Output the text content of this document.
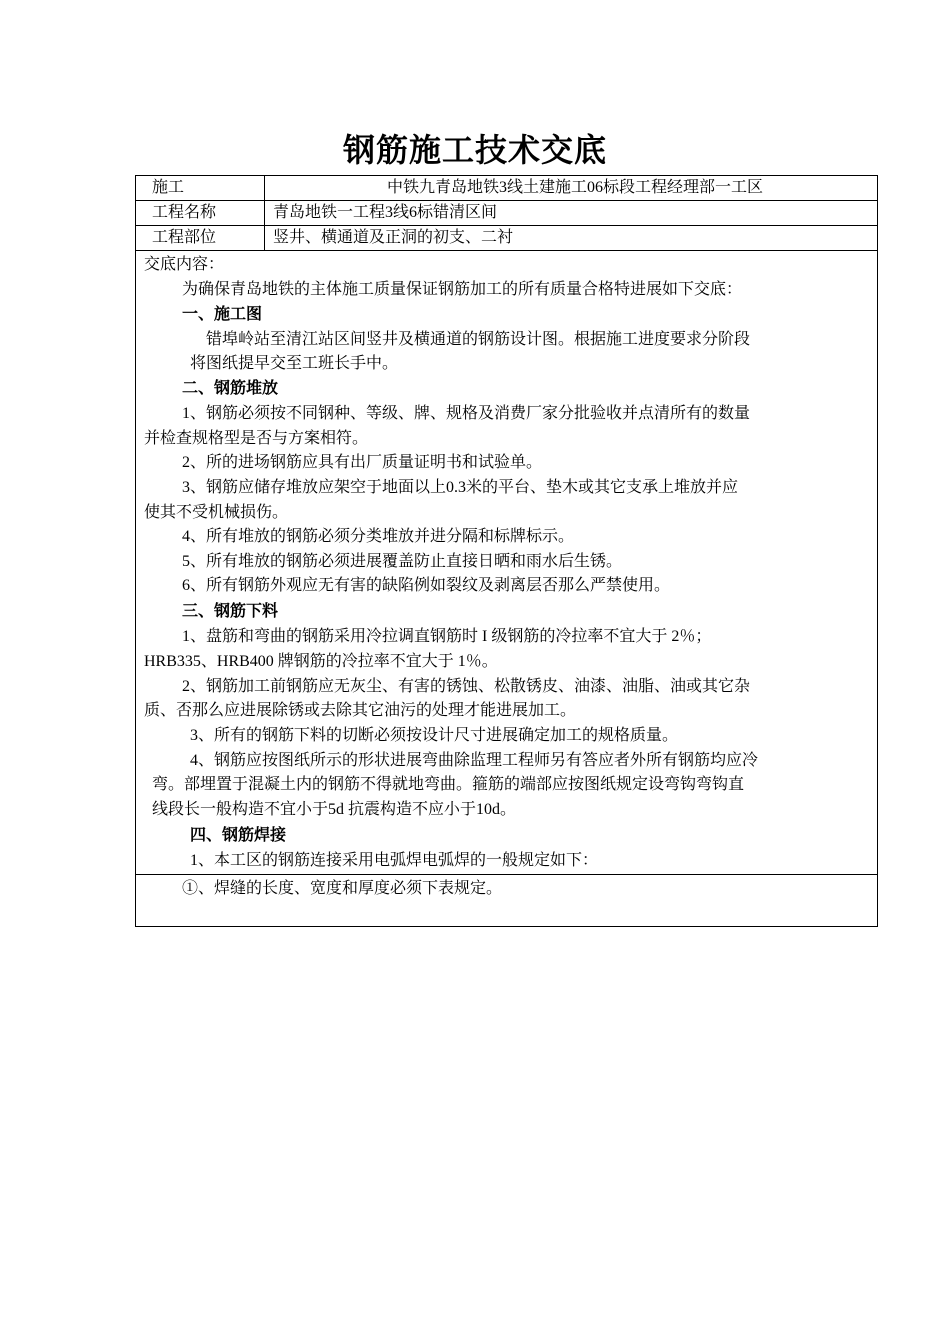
钢筋施工技术交底
施工	中铁九青岛地铁3线土建施工06标段工程经理部一工区
工程名称	青岛地铁一工程3线6标错清区间
工程部位	竖井、横通道及正洞的初支、二衬
交底内容：
为确保青岛地铁的主体施工质量保证钢筋加工的所有质量合格特进展如下交底：
一、施工图
错埠岭站至清江站区间竖井及横通道的钢筋设计图。根据施工进度要求分阶段
将图纸提早交至工班长手中。
二、钢筋堆放
1、钢筋必须按不同钢种、等级、牌、规格及消费厂家分批验收并点清所有的数量
并检查规格型是否与方案相符。
2、所的进场钢筋应具有出厂质量证明书和试验单。
3、钢筋应储存堆放应架空于地面以上0.3米的平台、垫木或其它支承上堆放并应
使其不受机械损伤。
4、所有堆放的钢筋必须分类堆放并进分隔和标牌标示。
5、所有堆放的钢筋必须进展覆盖防止直接日晒和雨水后生锈。
6、所有钢筋外观应无有害的缺陷例如裂纹及剥离层否那么严禁使用。
三、钢筋下料
1、盘筋和弯曲的钢筋采用冷拉调直钢筋时 I 级钢筋的冷拉率不宜大于 2％；
HRB335、HRB400 牌钢筋的冷拉率不宜大于 1％。
2、钢筋加工前钢筋应无灰尘、有害的锈蚀、松散锈皮、油漆、油脂、油或其它杂
质、否那么应进展除锈或去除其它油污的处理才能进展加工。
3、所有的钢筋下料的切断必须按设计尺寸进展确定加工的规格质量。
4、钢筋应按图纸所示的形状进展弯曲除监理工程师另有答应者外所有钢筋均应冷
弯。部埋置于混凝土内的钢筋不得就地弯曲。箍筋的端部应按图纸规定设弯钩弯钩直
线段长一般构造不宜小于5d 抗震构造不应小于10d。
四、钢筋焊接
1、本工区的钢筋连接采用电弧焊电弧焊的一般规定如下：
①、焊缝的长度、宽度和厚度必须下表规定。
